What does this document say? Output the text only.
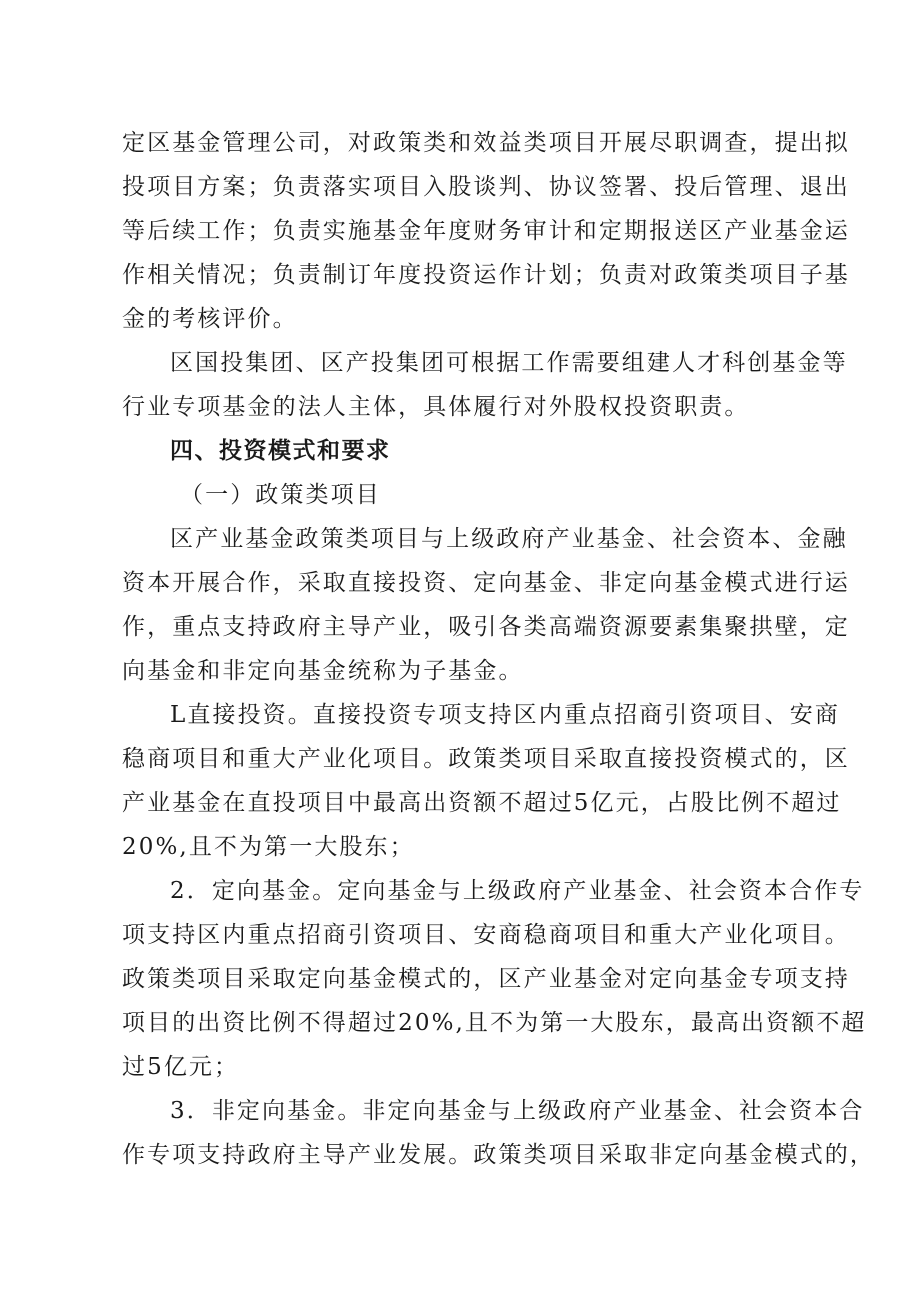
定区基金管理公司，对政策类和效益类项目开展尽职调查，提出拟
投项目方案；负责落实项目入股谈判、协议签署、投后管理、退出
等后续工作；负责实施基金年度财务审计和定期报送区产业基金运
作相关情况；负责制订年度投资运作计划；负责对政策类项目子基
金的考核评价。
区国投集团、区产投集团可根据工作需要组建人才科创基金等
行业专项基金的法人主体，具体履行对外股权投资职责。
四、投资模式和要求
（一）政策类项目
区产业基金政策类项目与上级政府产业基金、社会资本、金融
资本开展合作，采取直接投资、定向基金、非定向基金模式进行运
作，重点支持政府主导产业，吸引各类高端资源要素集聚拱壁，定
向基金和非定向基金统称为子基金。
L直接投资。直接投资专项支持区内重点招商引资项目、安商
稳商项目和重大产业化项目。政策类项目采取直接投资模式的，区
产业基金在直投项目中最高出资额不超过5亿元，占股比例不超过
20%,且不为第一大股东；
2．定向基金。定向基金与上级政府产业基金、社会资本合作专
项支持区内重点招商引资项目、安商稳商项目和重大产业化项目。
政策类项目采取定向基金模式的，区产业基金对定向基金专项支持
项目的出资比例不得超过20%,且不为第一大股东，最高出资额不超
过5亿元；
3．非定向基金。非定向基金与上级政府产业基金、社会资本合
作专项支持政府主导产业发展。政策类项目采取非定向基金模式的，
